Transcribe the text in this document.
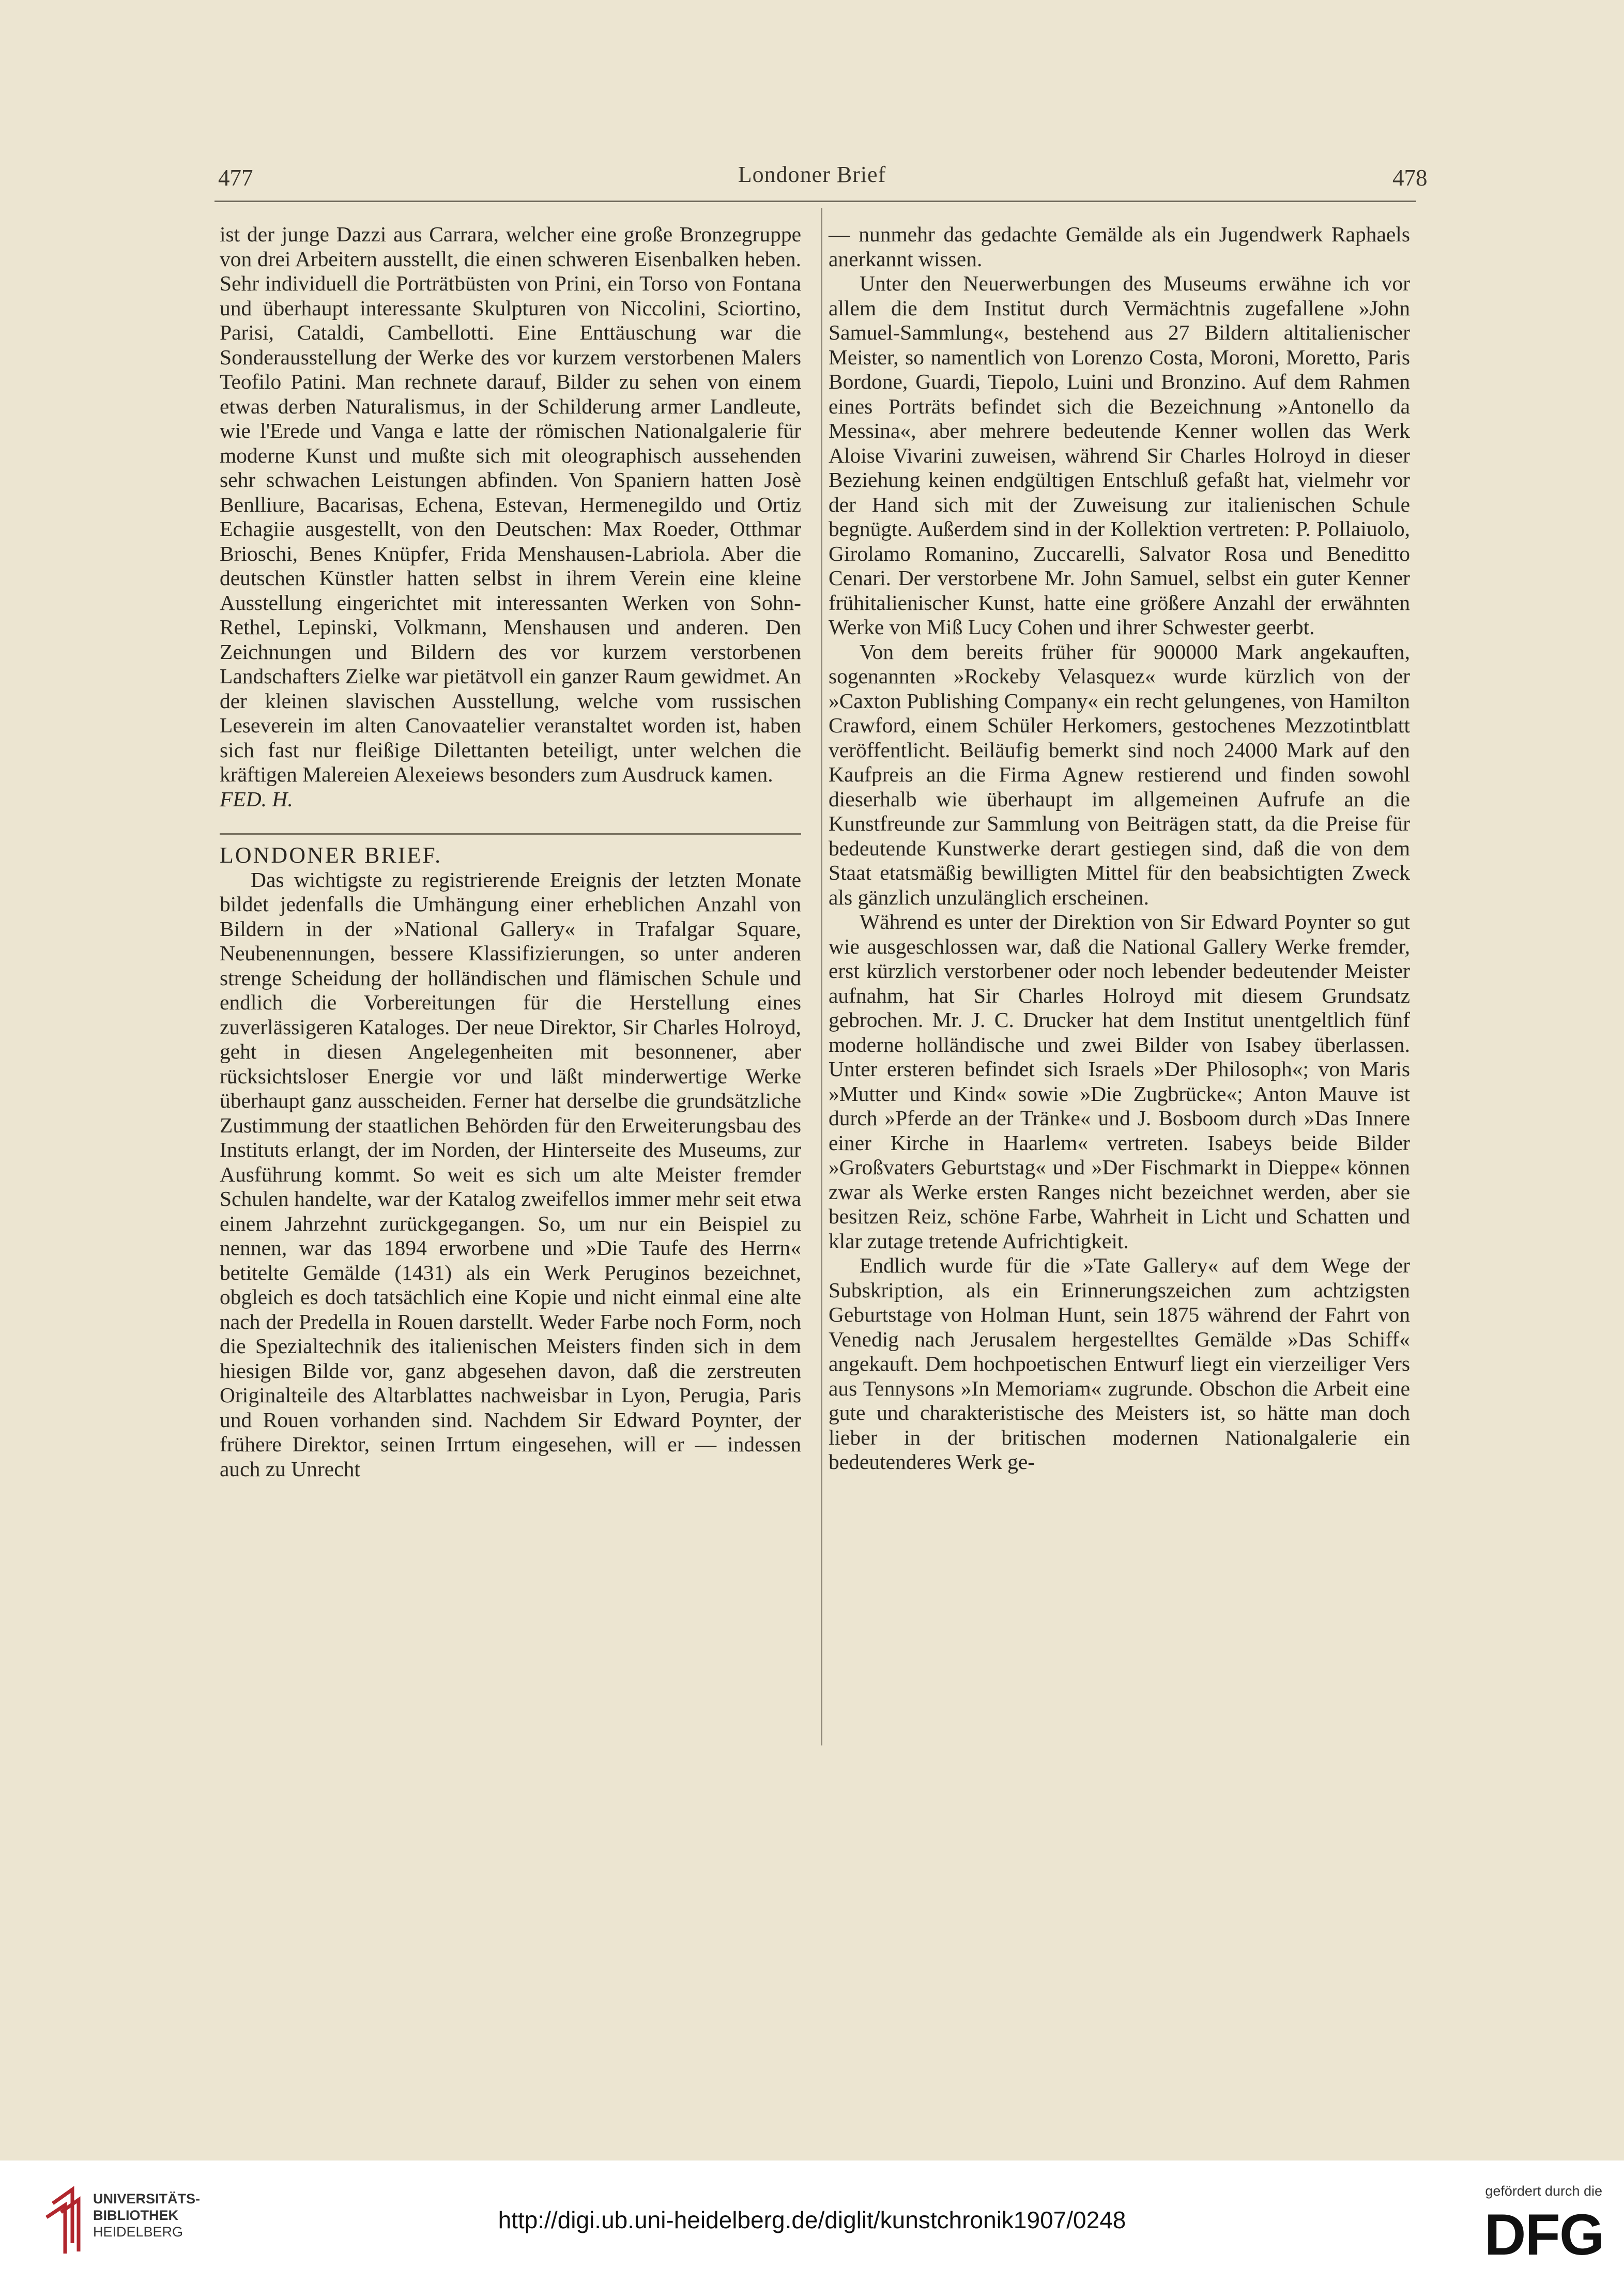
477	Londoner Brief	478

ist der junge Dazzi aus Carrara, welcher eine große Bronzegruppe von drei Arbeitern ausstellt, die einen schweren Eisenbalken heben. Sehr individuell die Porträtbüsten von Prini, ein Torso von Fontana und überhaupt interessante Skulpturen von Niccolini, Sciortino, Parisi, Cataldi, Cambellotti. Eine Enttäuschung war die Sonderausstellung der Werke des vor kurzem verstorbenen Malers Teofilo Patini. Man rechnete darauf, Bilder zu sehen von einem etwas derben Naturalismus, in der Schilderung armer Landleute, wie l'Erede und Vanga e latte der römischen Nationalgalerie für moderne Kunst und mußte sich mit oleographisch aussehenden sehr schwachen Leistungen abfinden. Von Spaniern hatten Josè Benlliure, Bacarisas, Echena, Estevan, Hermenegildo und Ortiz Echagiie ausgestellt, von den Deutschen: Max Roeder, Otthmar Brioschi, Benes Knüpfer, Frida Menshausen-Labriola. Aber die deutschen Künstler hatten selbst in ihrem Verein eine kleine Ausstellung eingerichtet mit interessanten Werken von Sohn-Rethel, Lepinski, Volkmann, Menshausen und anderen. Den Zeichnungen und Bildern des vor kurzem verstorbenen Landschafters Zielke war pietätvoll ein ganzer Raum gewidmet. An der kleinen slavischen Ausstellung, welche vom russischen Leseverein im alten Canovaatelier veranstaltet worden ist, haben sich fast nur fleißige Dilettanten beteiligt, unter welchen die kräftigen Malereien Alexeiews besonders zum Ausdruck kamen.

FED. H.

LONDONER BRIEF.

Das wichtigste zu registrierende Ereignis der letzten Monate bildet jedenfalls die Umhängung einer erheblichen Anzahl von Bildern in der »National Gallery« in Trafalgar Square, Neubenennungen, bessere Klassifizierungen, so unter anderen strenge Scheidung der holländischen und flämischen Schule und endlich die Vorbereitungen für die Herstellung eines zuverlässigeren Kataloges. Der neue Direktor, Sir Charles Holroyd, geht in diesen Angelegenheiten mit besonnener, aber rücksichtsloser Energie vor und läßt minderwertige Werke überhaupt ganz ausscheiden. Ferner hat derselbe die grundsätzliche Zustimmung der staatlichen Behörden für den Erweiterungsbau des Instituts erlangt, der im Norden, der Hinterseite des Museums, zur Ausführung kommt. So weit es sich um alte Meister fremder Schulen handelte, war der Katalog zweifellos immer mehr seit etwa einem Jahrzehnt zurückgegangen. So, um nur ein Beispiel zu nennen, war das 1894 erworbene und »Die Taufe des Herrn« betitelte Gemälde (1431) als ein Werk Peruginos bezeichnet, obgleich es doch tatsächlich eine Kopie und nicht einmal eine alte nach der Predella in Rouen darstellt. Weder Farbe noch Form, noch die Spezialtechnik des italienischen Meisters finden sich in dem hiesigen Bilde vor, ganz abgesehen davon, daß die zerstreuten Originalteile des Altarblattes nachweisbar in Lyon, Perugia, Paris und Rouen vorhanden sind. Nachdem Sir Edward Poynter, der frühere Direktor, seinen Irrtum eingesehen, will er — indessen auch zu Unrecht

— nunmehr das gedachte Gemälde als ein Jugendwerk Raphaels anerkannt wissen.

Unter den Neuerwerbungen des Museums erwähne ich vor allem die dem Institut durch Vermächtnis zugefallene »John Samuel-Sammlung«, bestehend aus 27 Bildern altitalienischer Meister, so namentlich von Lorenzo Costa, Moroni, Moretto, Paris Bordone, Guardi, Tiepolo, Luini und Bronzino. Auf dem Rahmen eines Porträts befindet sich die Bezeichnung »Antonello da Messina«, aber mehrere bedeutende Kenner wollen das Werk Aloise Vivarini zuweisen, während Sir Charles Holroyd in dieser Beziehung keinen endgültigen Entschluß gefaßt hat, vielmehr vor der Hand sich mit der Zuweisung zur italienischen Schule begnügte. Außerdem sind in der Kollektion vertreten: P. Pollaiuolo, Girolamo Romanino, Zuccarelli, Salvator Rosa und Beneditto Cenari. Der verstorbene Mr. John Samuel, selbst ein guter Kenner frühitalienischer Kunst, hatte eine größere Anzahl der erwähnten Werke von Miß Lucy Cohen und ihrer Schwester geerbt.

Von dem bereits früher für 900000 Mark angekauften, sogenannten »Rockeby Velasquez« wurde kürzlich von der »Caxton Publishing Company« ein recht gelungenes, von Hamilton Crawford, einem Schüler Herkomers, gestochenes Mezzotintblatt veröffentlicht. Beiläufig bemerkt sind noch 24000 Mark auf den Kaufpreis an die Firma Agnew restierend und finden sowohl dieserhalb wie überhaupt im allgemeinen Aufrufe an die Kunstfreunde zur Sammlung von Beiträgen statt, da die Preise für bedeutende Kunstwerke derart gestiegen sind, daß die von dem Staat etatsmäßig bewilligten Mittel für den beabsichtigten Zweck als gänzlich unzulänglich erscheinen.

Während es unter der Direktion von Sir Edward Poynter so gut wie ausgeschlossen war, daß die National Gallery Werke fremder, erst kürzlich verstorbener oder noch lebender bedeutender Meister aufnahm, hat Sir Charles Holroyd mit diesem Grundsatz gebrochen. Mr. J. C. Drucker hat dem Institut unentgeltlich fünf moderne holländische und zwei Bilder von Isabey überlassen. Unter ersteren befindet sich Israels »Der Philosoph«; von Maris »Mutter und Kind« sowie »Die Zugbrücke«; Anton Mauve ist durch »Pferde an der Tränke« und J. Bosboom durch »Das Innere einer Kirche in Haarlem« vertreten. Isabeys beide Bilder »Großvaters Geburtstag« und »Der Fischmarkt in Dieppe« können zwar als Werke ersten Ranges nicht bezeichnet werden, aber sie besitzen Reiz, schöne Farbe, Wahrheit in Licht und Schatten und klar zutage tretende Aufrichtigkeit.

Endlich wurde für die »Tate Gallery« auf dem Wege der Subskription, als ein Erinnerungszeichen zum achtzigsten Geburtstage von Holman Hunt, sein 1875 während der Fahrt von Venedig nach Jerusalem hergestelltes Gemälde »Das Schiff« angekauft. Dem hochpoetischen Entwurf liegt ein vierzeiliger Vers aus Tennysons »In Memoriam« zugrunde. Obschon die Arbeit eine gute und charakteristische des Meisters ist, so hätte man doch lieber in der britischen modernen Nationalgalerie ein bedeutenderes Werk ge-

UNIVERSITÄTS-
BIBLIOTHEK
HEIDELBERG	http://digi.ub.uni-heidelberg.de/diglit/kunstchronik1907/0248
gefördert durch die
DFG
